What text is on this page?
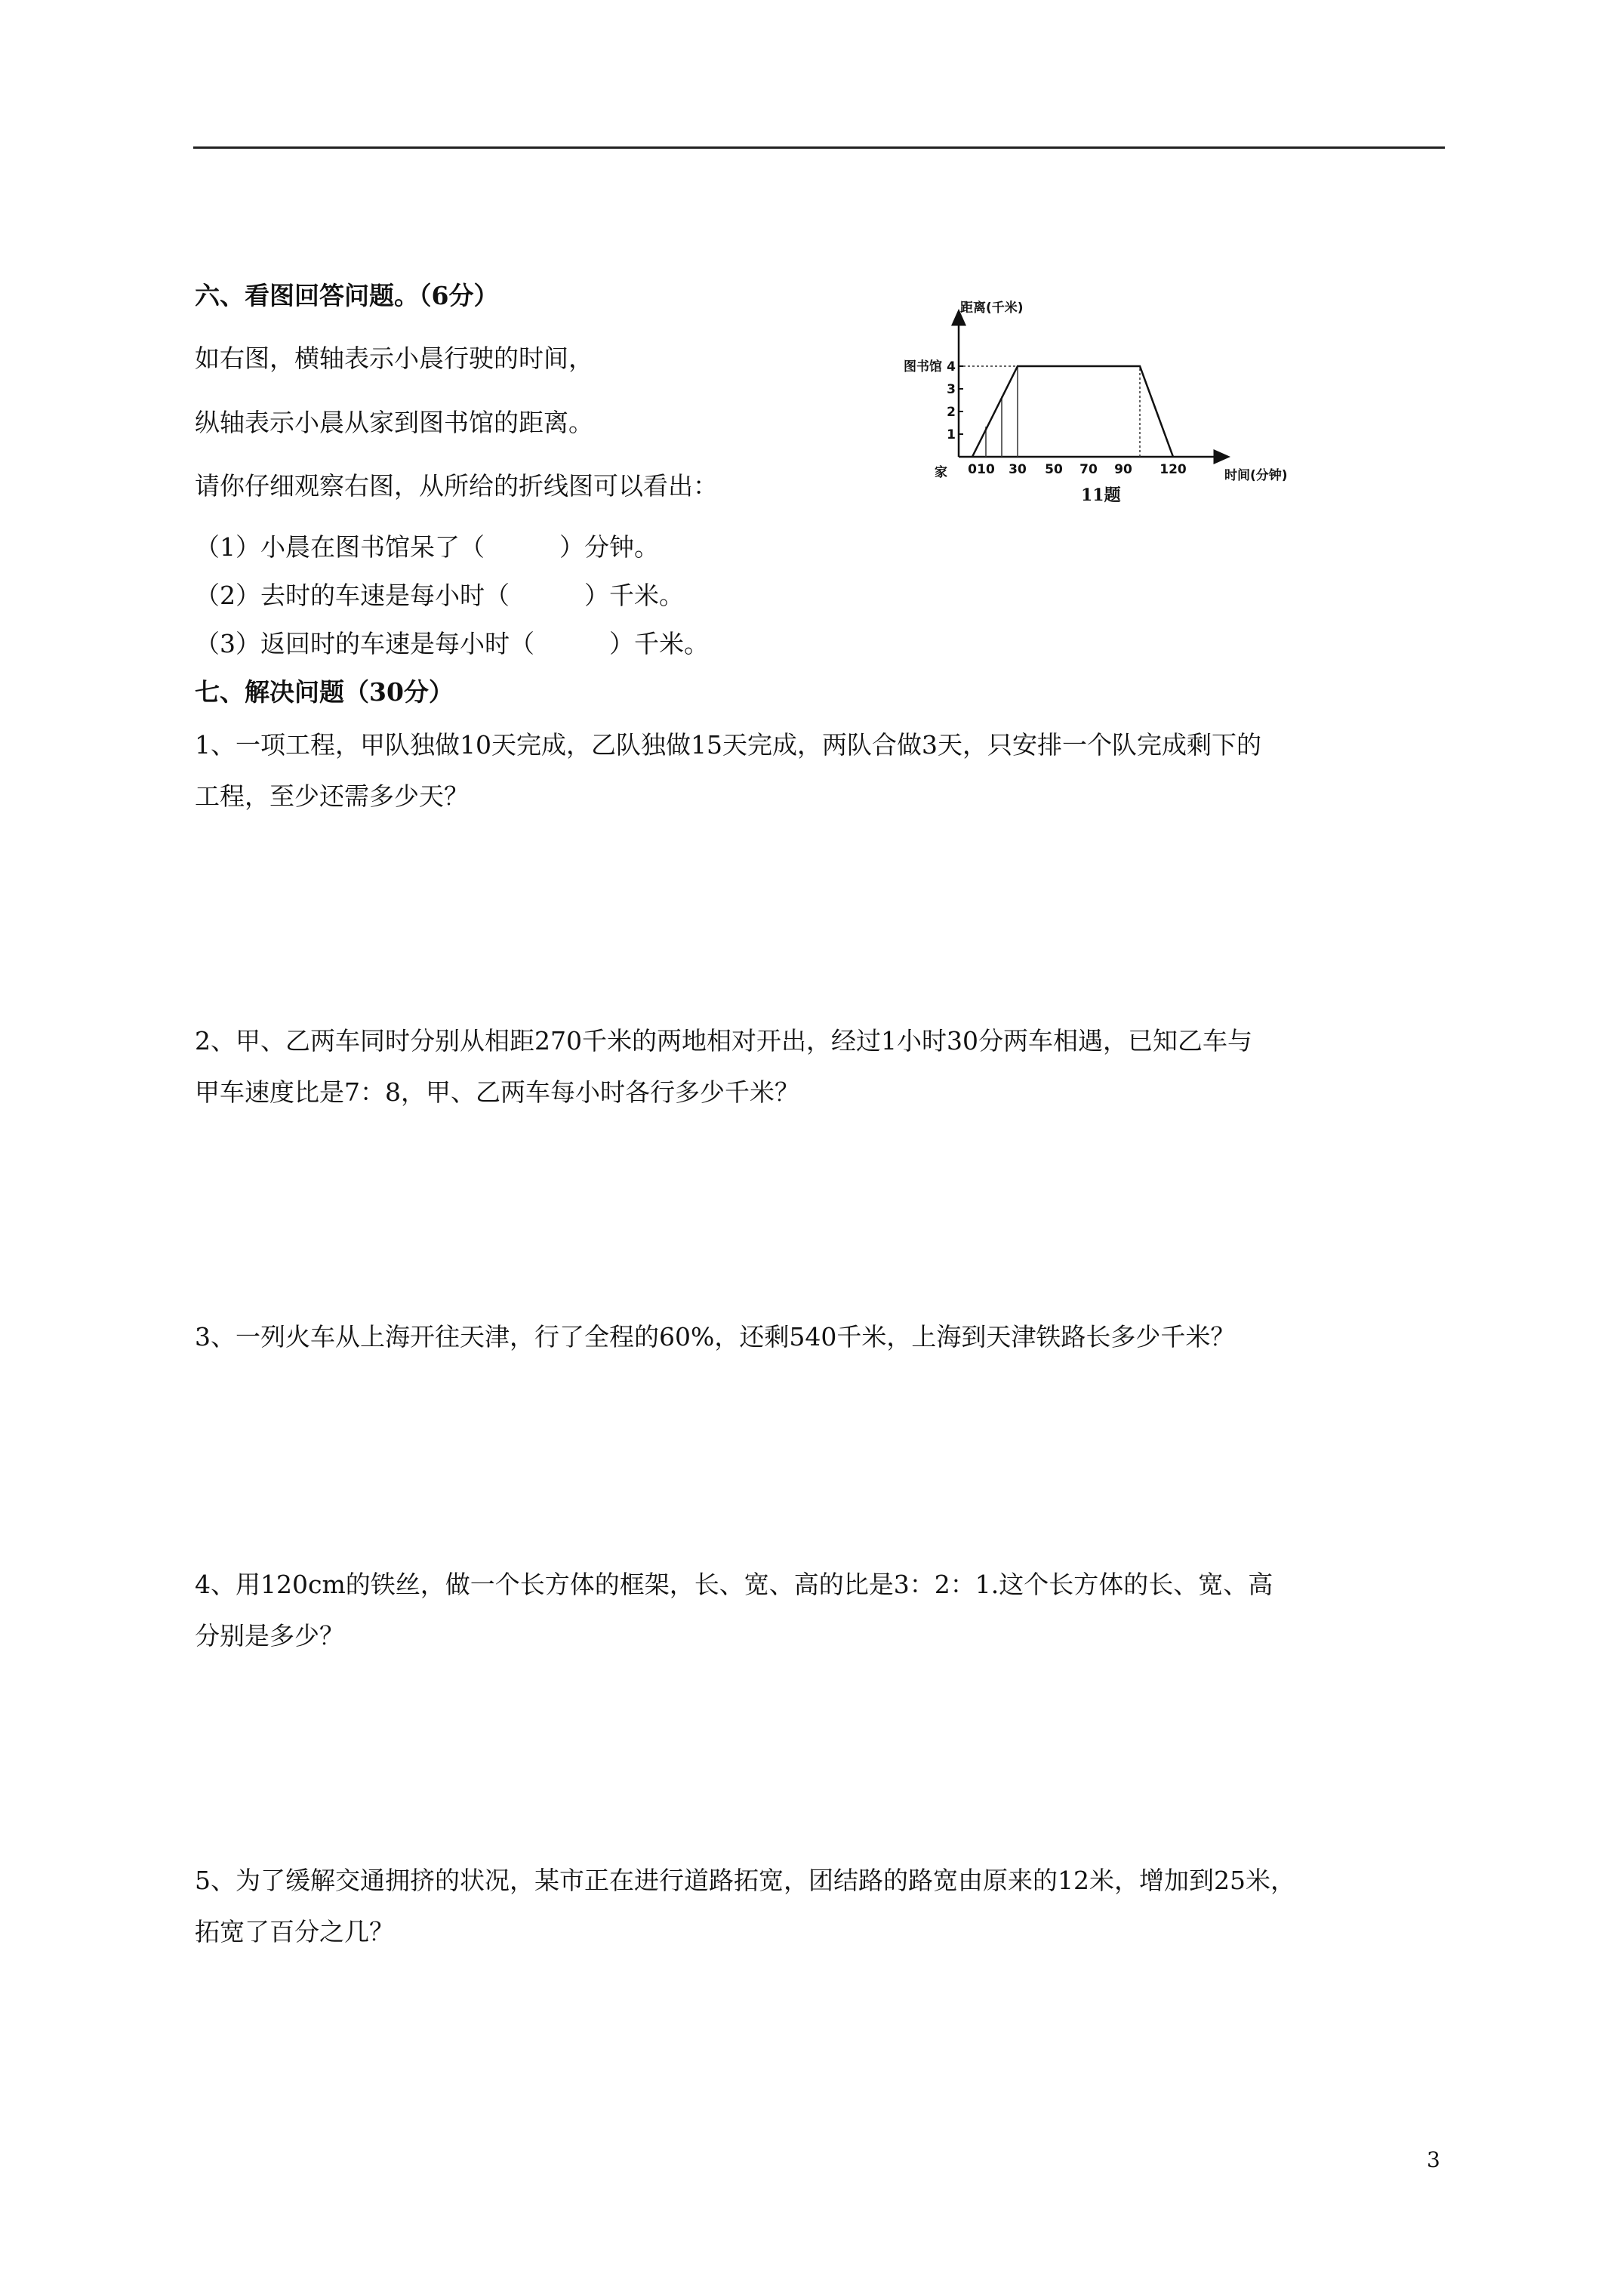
六、看图回答问题。（6分）
如右图，横轴表示小晨行驶的时间，
纵轴表示小晨从家到图书馆的距离。
请你仔细观察右图，从所给的折线图可以看出：
（1）小晨在图书馆呆了（　　　）分钟。
（2）去时的车速是每小时（　　　）千米。
（3）返回时的车速是每小时（　　　）千米。
0 10 30 50 70 90 120
1
2
3
4
距离(千米)
时间(分钟)
图书馆
家
11题
七、解决问题（30分）
1、一项工程，甲队独做10天完成，乙队独做15天完成，两队合做3天，只安排一个队完成剩下的
工程，至少还需多少天？
2、甲、乙两车同时分别从相距270千米的两地相对开出，经过1小时30分两车相遇，已知乙车与
甲车速度比是7：8，甲、乙两车每小时各行多少千米？
3、一列火车从上海开往天津，行了全程的60%，还剩540千米，上海到天津铁路长多少千米？
4、用120cm的铁丝，做一个长方体的框架，长、宽、高的比是3：2：1.这个长方体的长、宽、高
分别是多少？
5、为了缓解交通拥挤的状况，某市正在进行道路拓宽，团结路的路宽由原来的12米，增加到25米，
拓宽了百分之几？
3
